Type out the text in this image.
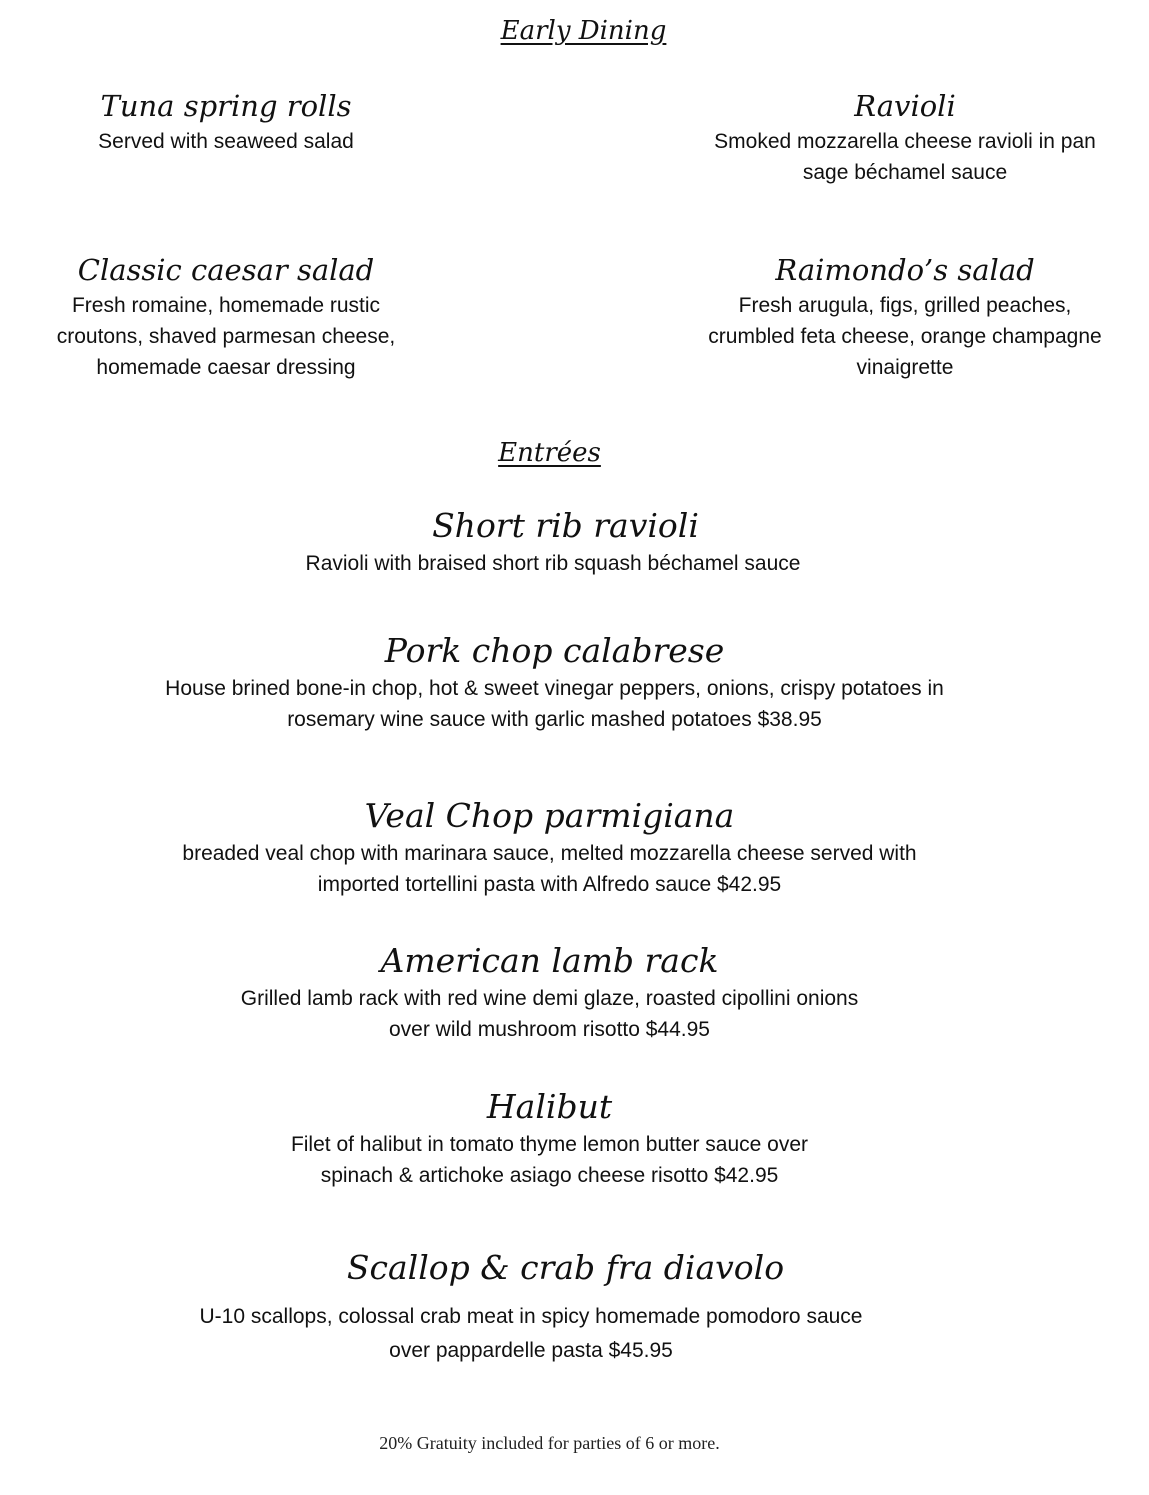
Early Dining
Tuna spring rolls
Served with seaweed salad
Ravioli
Smoked mozzarella cheese ravioli in pan
sage béchamel sauce
Classic caesar salad
Fresh romaine, homemade rustic
croutons, shaved parmesan cheese,
homemade caesar dressing
Raimondo’s salad
Fresh arugula, figs, grilled peaches,
crumbled feta cheese, orange champagne
vinaigrette
Entrées
Short rib ravioli
Ravioli with braised short rib squash béchamel sauce
Pork chop calabrese
House brined bone-in chop, hot & sweet vinegar peppers, onions, crispy potatoes in
rosemary wine sauce with garlic mashed potatoes $38.95
Veal Chop parmigiana
breaded veal chop with marinara sauce, melted mozzarella cheese served with
imported tortellini pasta with Alfredo sauce $42.95
American lamb rack
Grilled lamb rack with red wine demi glaze, roasted cipollini onions
over wild mushroom risotto $44.95
Halibut
Filet of halibut in tomato thyme lemon butter sauce over
spinach & artichoke asiago cheese risotto $42.95
Scallop & crab fra diavolo
U-10 scallops, colossal crab meat in spicy homemade pomodoro sauce
over pappardelle pasta $45.95
20% Gratuity included for parties of 6 or more.
